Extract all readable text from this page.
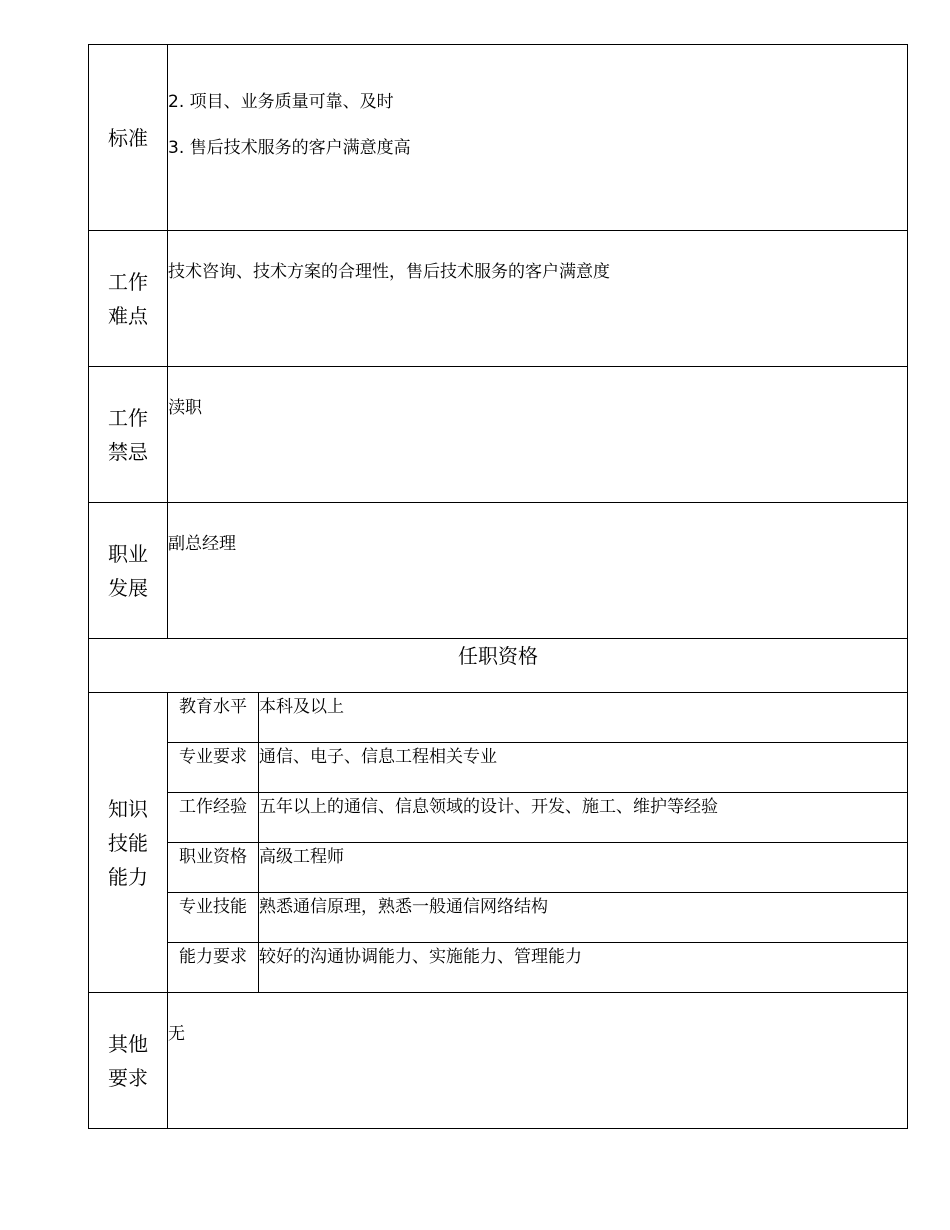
标准	2. 项目、业务质量可靠、及时

3. 售后技术服务的客户满意度高	

工作难点	技术咨询、技术方案的合理性，售后技术服务的客户满意度	
工作禁忌	渎职	
职业发展	副总经理	
任职资格		
知识技能能力	教育水平	本科及以上
	专业要求	通信、电子、信息工程相关专业
	工作经验	五年以上的通信、信息领域的设计、开发、施工、维护等经验
	职业资格	高级工程师
	专业技能	熟悉通信原理，熟悉一般通信网络结构
	能力要求	较好的沟通协调能力、实施能力、管理能力
其他要求	无	
